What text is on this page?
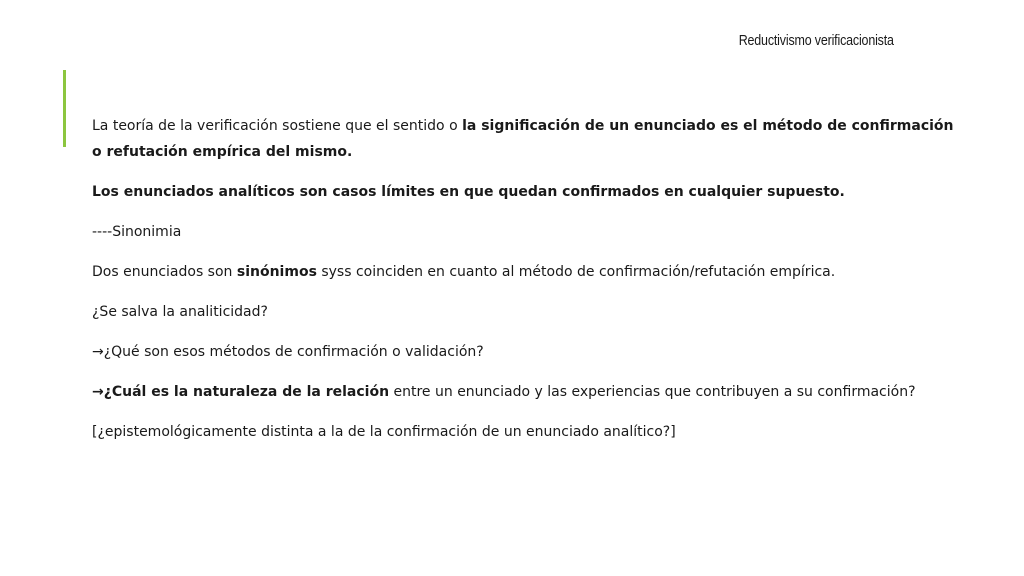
Reductivismo verificacionista

La teoría de la verificación sostiene que el sentido o la significación de un enunciado es el método de confirmación o refutación empírica del mismo.

Los enunciados analíticos son casos límites en que quedan confirmados en cualquier supuesto.

----Sinonimia

Dos enunciados son sinónimos syss coinciden en cuanto al método de confirmación/refutación empírica.

¿Se salva la analiticidad?

→¿Qué son esos métodos de confirmación o validación?

→¿Cuál es la naturaleza de la relación entre un enunciado y las experiencias que contribuyen a su confirmación?

[¿epistemológicamente distinta a la de la confirmación de un enunciado analítico?]
